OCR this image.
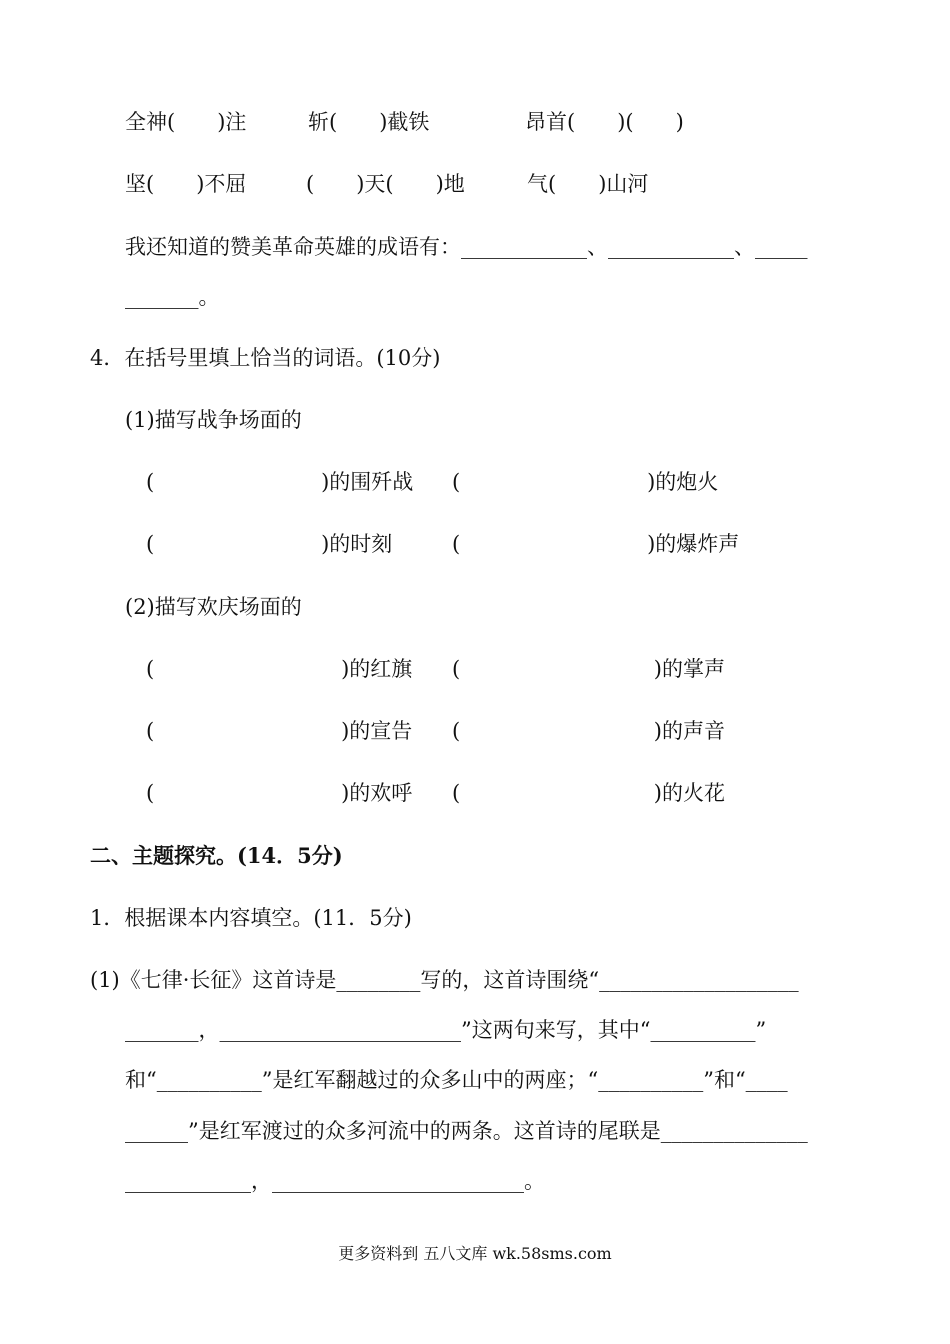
全神(　　)注	斩(　　)截铁	昂首(　　)(　　)
坚(　　)不屈	(　　)天(　　)地	气(　　)山河
我还知道的赞美革命英雄的成语有：____________、____________、_____
_______。
4．在括号里填上恰当的词语。(10分)
(1)描写战争场面的
(                         )的围歼战 (                            )的炮火
(                         )的时刻	(                            )的爆炸声
(2)描写欢庆场面的
(                            )的红旗 (                             )的掌声
(                            )的宣告 (                             )的声音
(                            )的欢呼 (                             )的火花
二、主题探究。(14．5分)
1．根据课本内容填空。(11．5分)
(1)《七律·长征》这首诗是________写的，这首诗围绕“___________________
_______，_______________________”这两句来写，其中“__________”
和“__________”是红军翻越过的众多山中的两座；“__________”和“____
______”是红军渡过的众多河流中的两条。这首诗的尾联是______________
____________，________________________。
更多资料到 五八文库 wk.58sms.com
